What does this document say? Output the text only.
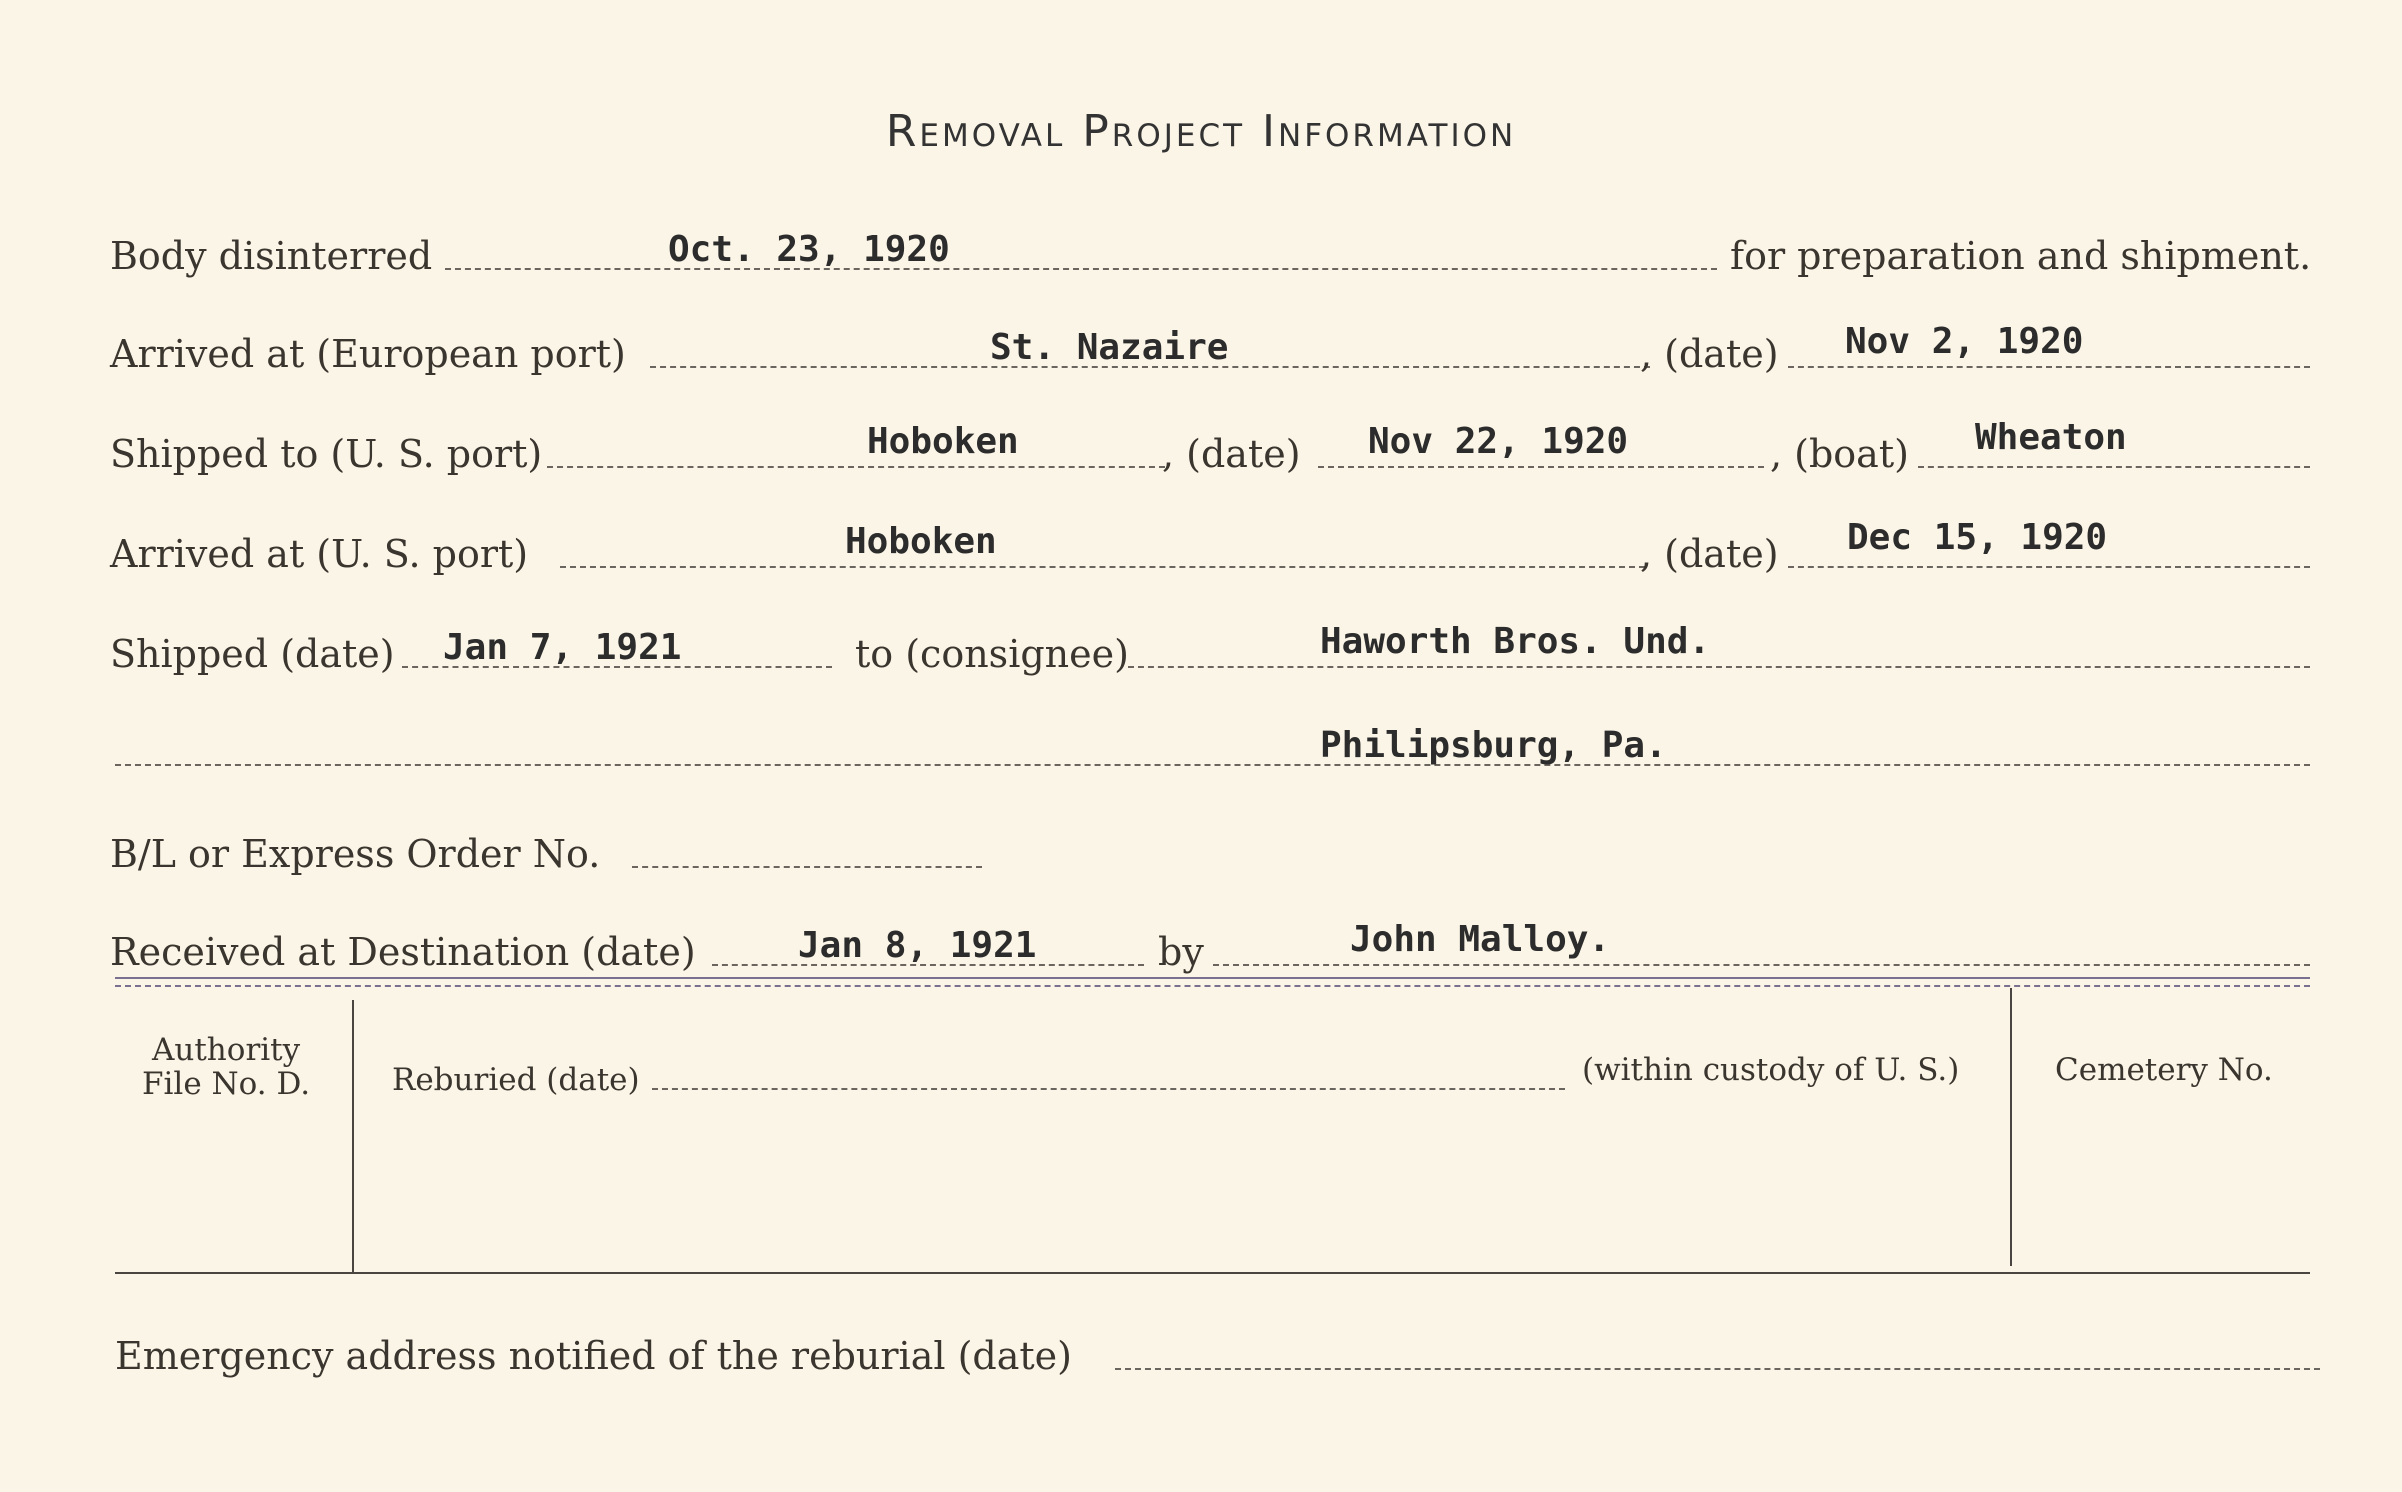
Removal Project Information
Body disinterred	Oct. 23, 1920	for preparation and shipment.
Arrived at (European port)	St. Nazaire	, (date) Nov 2, 1920
Shipped to (U. S. port)	Hoboken	, (date) Nov 22, 1920	, (boat) Wheaton
Arrived at (U. S. port)	Hoboken	, (date) Dec 15, 1920
Shipped (date) Jan 7, 1921	to (consignee)	Haworth Bros. Und.
Philipsburg, Pa.
B/L or Express Order No.
Received at Destination (date)	Jan 8, 1921	by	John Malloy.
Authority
File No. D.	Reburied (date)	(within custody of U. S.)	Cemetery No.
Emergency address notified of the reburial (date)
